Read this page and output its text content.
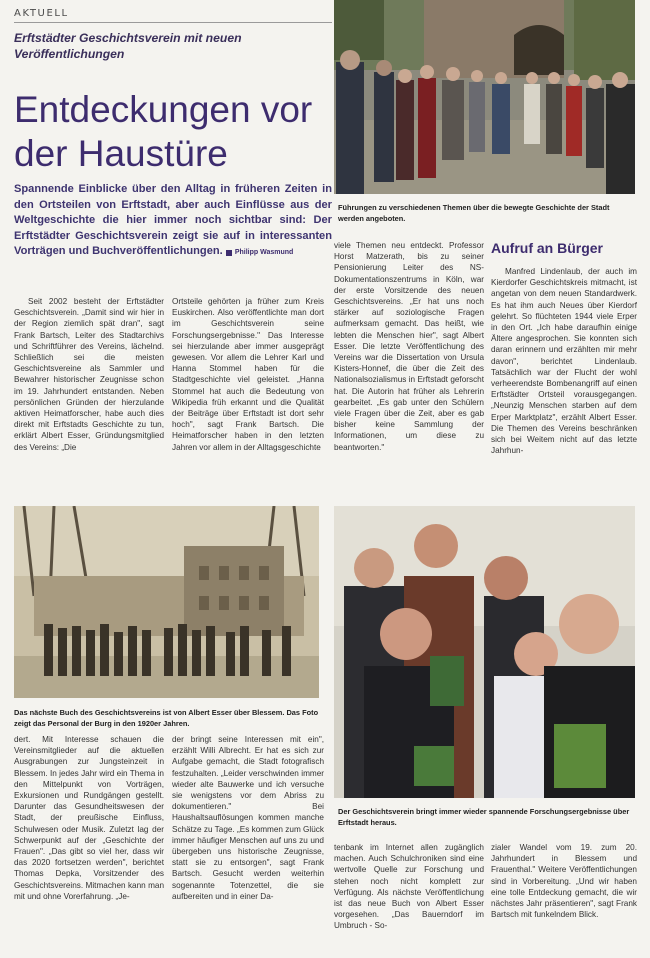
AKTUELL
Erftstädter Geschichtsverein mit neuen Veröffentlichungen
Entdeckungen vor der Haustüre
Spannende Einblicke über den Alltag in früheren Zeiten in den Ortsteilen von Erftstadt, aber auch Einflüsse aus der Weltgeschichte die hier immer noch sichtbar sind: Der Erftstädter Geschichtsverein zeigt sie auf in interessanten Vorträgen und Buchveröffentlichungen. Philipp Wasmund
Führungen zu verschiedenen Themen über die bewegte Geschichte der Stadt werden angeboten.
Aufruf an Bürger
Seit 2002 besteht der Erftstädter Geschichtsverein. „Damit sind wir hier in der Region ziemlich spät dran", sagt Frank Bartsch, Leiter des Stadtarchivs und Schriftführer des Vereins, lächelnd. Schließlich sei die meisten Geschichtsvereine als Sammler und Bewahrer historischer Zeugnisse schon im 19. Jahrhundert entstanden. Neben persönlichen Gründen der hierzulande aktiven Heimatforscher, habe auch dies direkt mit Erftstadts Geschichte zu tun, erklärt Albert Esser, Gründungsmitglied des Vereins: „Die
Ortsteile gehörten ja früher zum Kreis Euskirchen. Also veröffentlichte man dort im Geschichtsverein seine Forschungsergebnisse." Das Interesse sei hierzulande aber immer ausgeprägt gewesen. Vor allem die Lehrer Karl und Hanna Stommel haben für die Stadtgeschichte viel geleistet. „Hanna Stommel hat auch die Bedeutung von Wikipedia früh erkannt und die Qualität der Beiträge über Erftstadt ist dort sehr hoch", sagt Frank Bartsch. Die Heimatforscher haben in den letzten Jahren vor allem in der Alltagsgeschichte
viele Themen neu entdeckt. Professor Horst Matzerath, bis zu seiner Pensionierung Leiter des NS-Dokumentationszentrums in Köln, war der erste Vorsitzende des neuen Geschichtsvereins. „Er hat uns noch stärker auf soziologische Fragen aufmerksam gemacht. Das heißt, wie lebten die Menschen hier", sagt Albert Esser. Die letzte Veröffentlichung des Vereins war die Dissertation von Ursula Kisters-Honnef, die über die Zeit des Nationalsozialismus in Erftstadt geforscht hat. Die Autorin hat früher als Lehrerin gearbeitet. „Es gab unter den Schülern viele Fragen über die Zeit, aber es gab bisher keine Sammlung der Informationen, um diese zu beantworten."
Manfred Lindenlaub, der auch im Kierdorfer Geschichtskreis mitmacht, ist angetan von dem neuen Standardwerk. Es hat ihm auch Neues über Kierdorf gelehrt. So flüchteten 1944 viele Erper in den Ort. „Ich habe daraufhin einige Ältere angesprochen. Sie konnten sich daran erinnern und erzählten mir mehr davon", berichtet Lindenlaub. Tatsächlich war der Flucht der wohl verheerendste Bombenangriff auf einen Erftstädter Ortsteil vorausgegangen. „Neunzig Menschen starben auf dem Erper Marktplatz", erzählt Albert Esser. Die Themen des Vereins beschränken sich bei Weitem nicht auf das letzte Jahrhun-
Das nächste Buch des Geschichtsvereins ist von Albert Esser über Blessem. Das Foto zeigt das Personal der Burg in den 1920er Jahren.
Der Geschichtsverein bringt immer wieder spannende Forschungsergebnisse über Erftstadt heraus.
dert. Mit Interesse schauen die Vereinsmitglieder auf die aktuellen Ausgrabungen zur Jungsteinzeit in Blessem. In jedes Jahr wird ein Thema in den Mittelpunkt von Vorträgen, Exkursionen und Rundgängen gestellt. Darunter das Gesundheitswesen der Stadt, der preußische Einfluss, Schulwesen oder Musik. Zuletzt lag der Schwerpunkt auf der „Geschichte der Frauen". „Das gibt so viel her, dass wir das 2020 fortsetzen werden", berichtet Thomas Depka, Vorsitzender des Geschichtsvereins. Mitmachen kann man mit und ohne Vorerfahrung. „Je-
der bringt seine Interessen mit ein", erzählt Willi Albrecht. Er hat es sich zur Aufgabe gemacht, die Stadt fotografisch festzuhalten. „Leider verschwinden immer wieder alte Bauwerke und ich versuche sie wenigstens vor dem Abriss zu dokumentieren." Bei Haushaltsauflösungen kommen manche Schätze zu Tage. „Es kommen zum Glück immer häufiger Menschen auf uns zu und übergeben uns historische Zeugnisse, statt sie zu entsorgen", sagt Frank Bartsch. Gesucht werden weiterhin sogenannte Totenzettel, die sie aufbereiten und in einer Da-
tenbank im Internet allen zugänglich machen. Auch Schulchroniken sind eine wertvolle Quelle zur Forschung und stehen noch nicht komplett zur Verfügung. Als nächste Veröffentlichung ist das neue Buch von Albert Esser vorgesehen. „Das Bauerndorf im Umbruch - So-
zialer Wandel vom 19. zum 20. Jahrhundert in Blessem und Frauenthal." Weitere Veröffentlichungen sind in Vorbereitung. „Und wir haben eine tolle Entdeckung gemacht, die wir nächstes Jahr präsentieren", sagt Frank Bartsch mit funkelndem Blick.
